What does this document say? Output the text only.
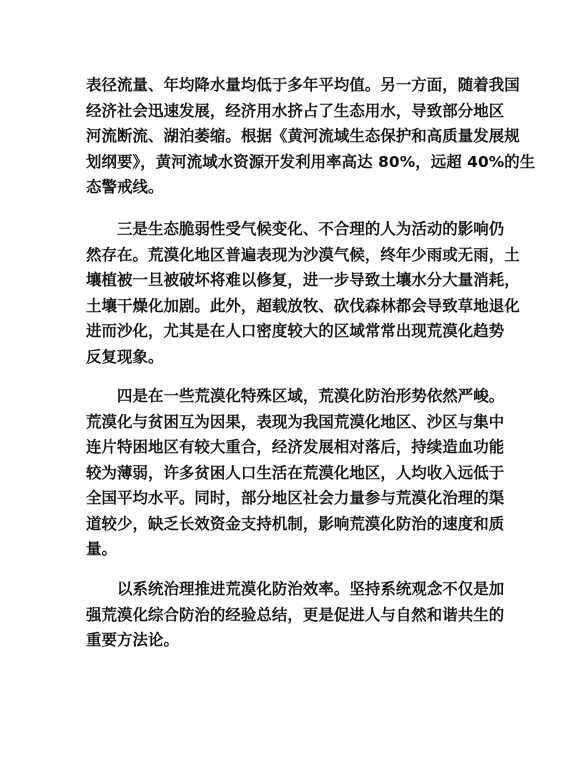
表径流量、年均降水量均低于多年平均值。另一方面，随着我国
经济社会迅速发展，经济用水挤占了生态用水，导致部分地区
河流断流、湖泊萎缩。根据《黄河流域生态保护和高质量发展规
划纲要》，黄河流域水资源开发利用率高达 80%，远超 40%的生
态警戒线。
三是生态脆弱性受气候变化、不合理的人为活动的影响仍
然存在。荒漠化地区普遍表现为沙漠气候，终年少雨或无雨，土
壤植被一旦被破坏将难以修复，进一步导致土壤水分大量消耗，
土壤干燥化加剧。此外，超载放牧、砍伐森林都会导致草地退化
进而沙化，尤其是在人口密度较大的区域常常出现荒漠化趋势
反复现象。
四是在一些荒漠化特殊区域，荒漠化防治形势依然严峻。
荒漠化与贫困互为因果，表现为我国荒漠化地区、沙区与集中
连片特困地区有较大重合，经济发展相对落后，持续造血功能
较为薄弱，许多贫困人口生活在荒漠化地区，人均收入远低于
全国平均水平。同时，部分地区社会力量参与荒漠化治理的渠
道较少，缺乏长效资金支持机制，影响荒漠化防治的速度和质
量。
以系统治理推进荒漠化防治效率。坚持系统观念不仅是加
强荒漠化综合防治的经验总结，更是促进人与自然和谐共生的
重要方法论。
